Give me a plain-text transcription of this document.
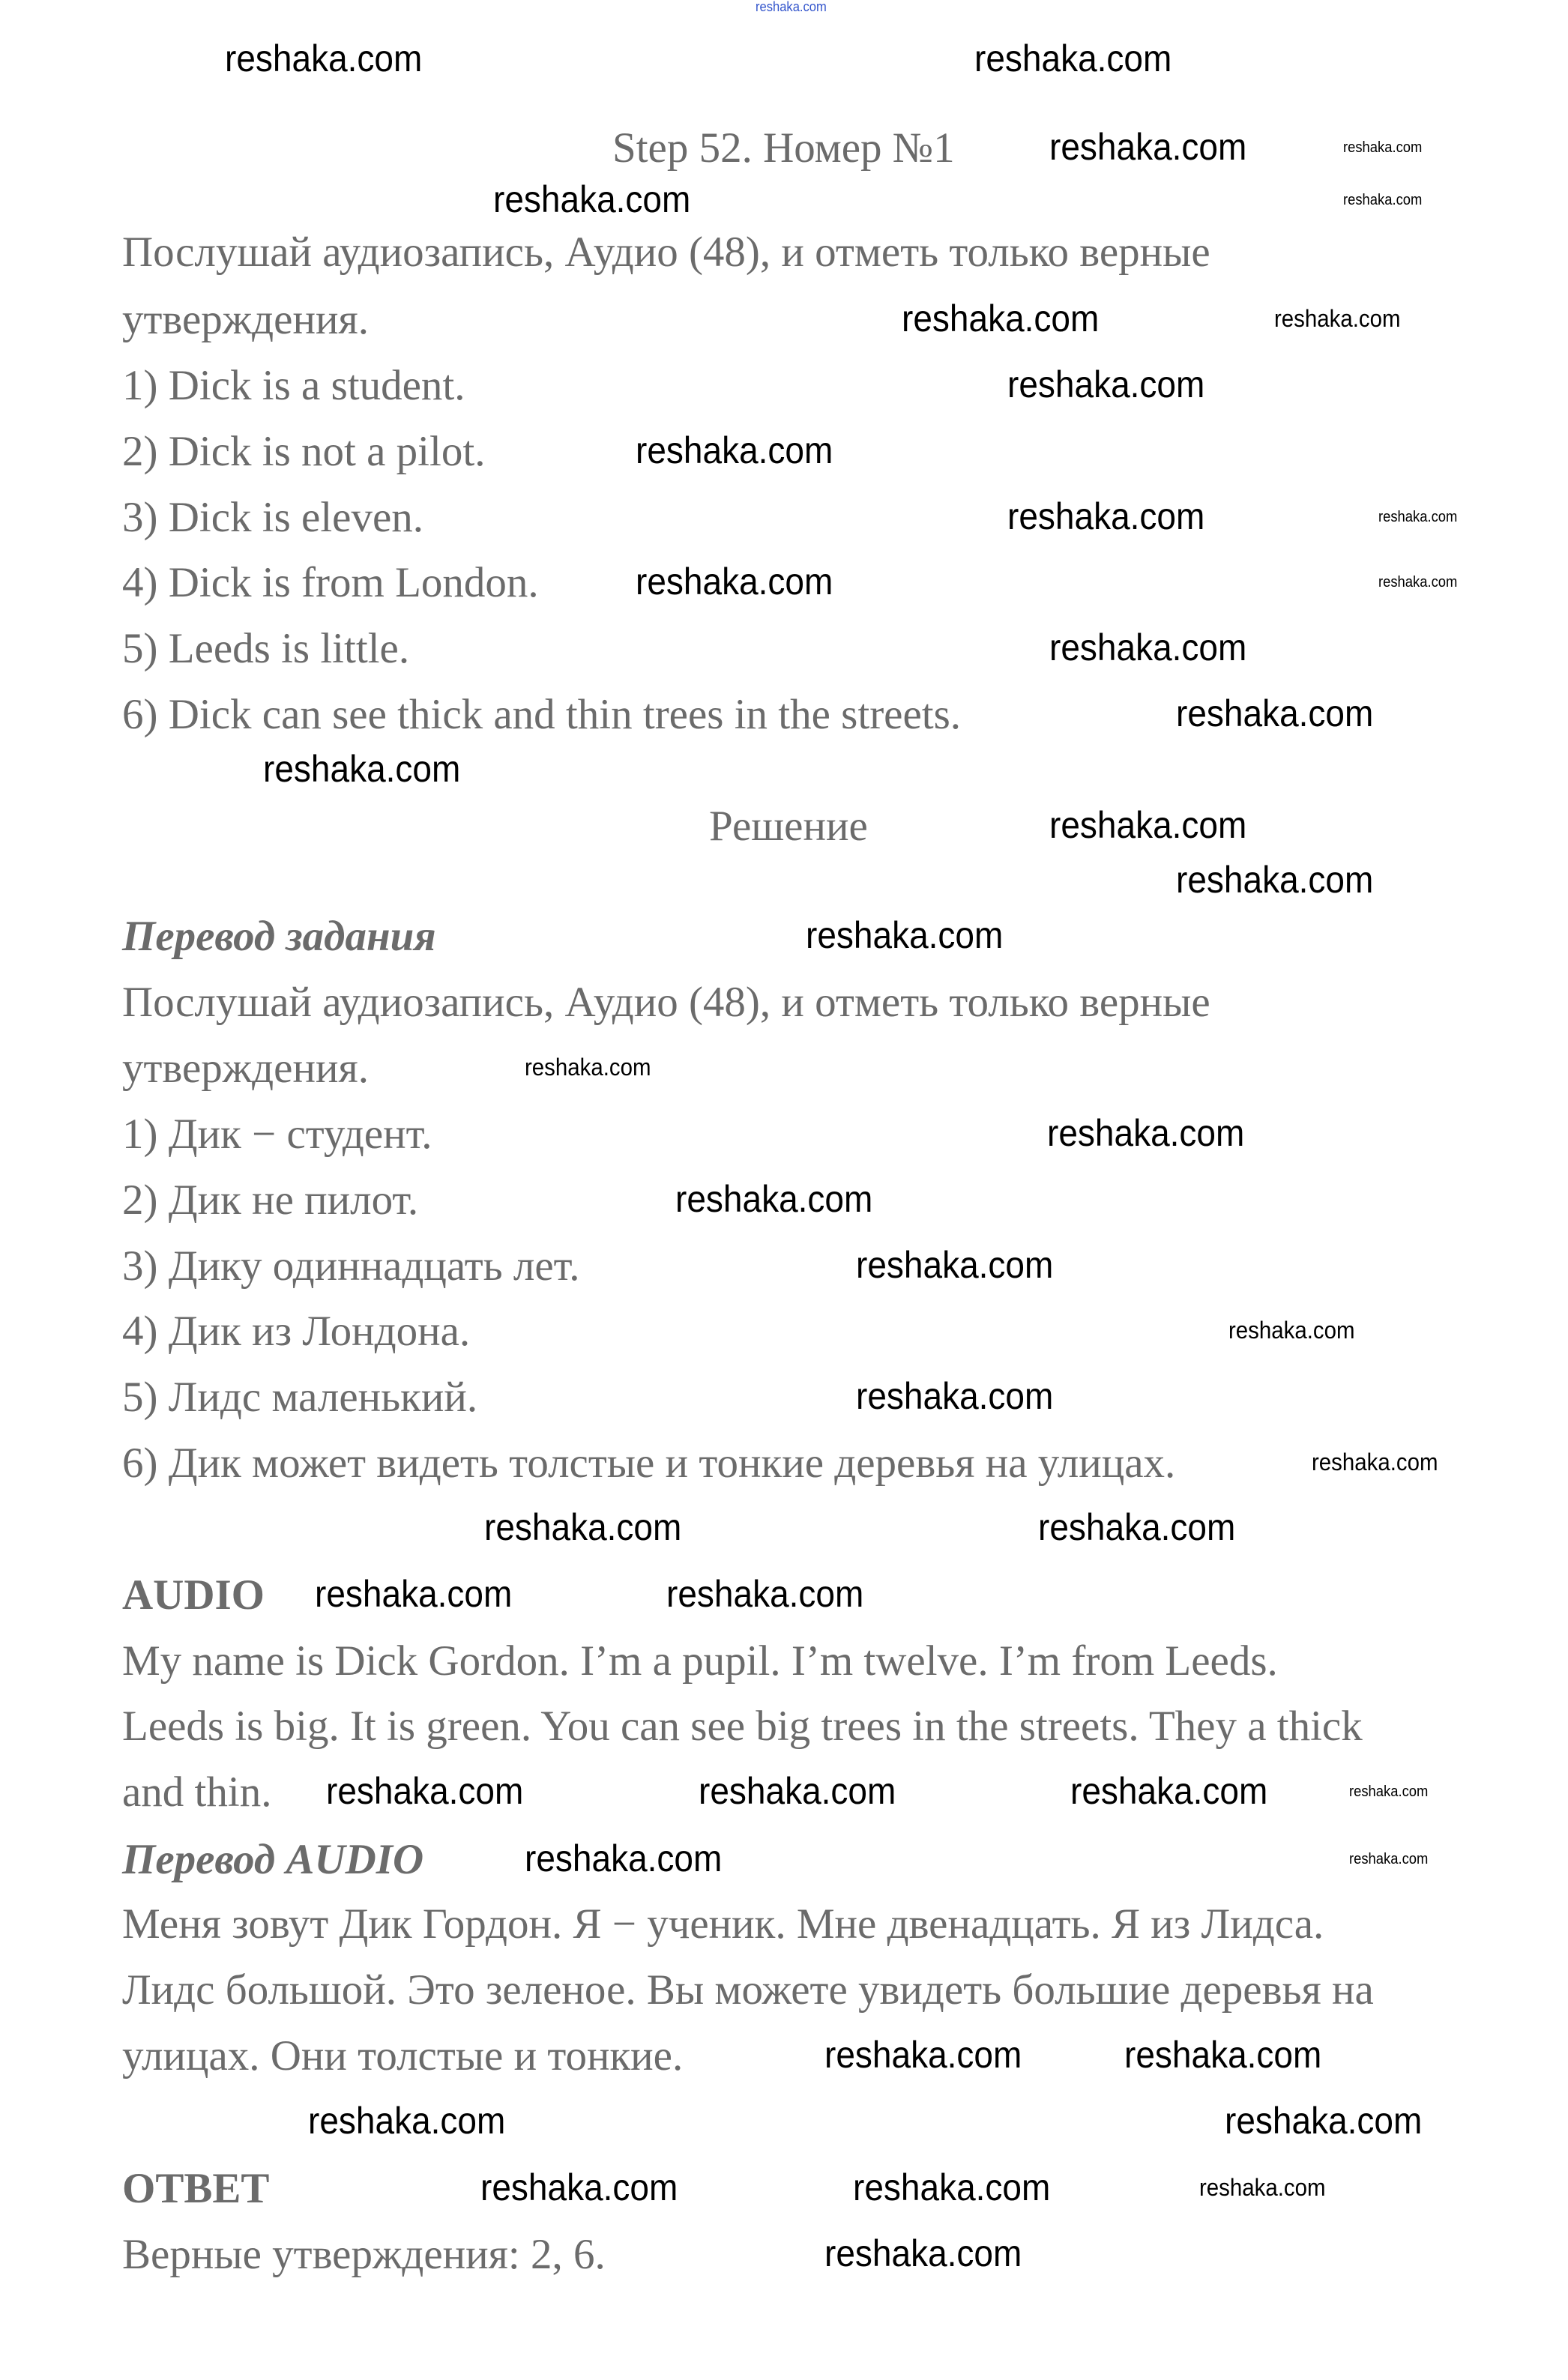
Step 52. Номер №1
Послушай аудиозапись, Аудио (48), и отметь только верные
утверждения.
1) Dick is a student.
2) Dick is not a pilot.
3) Dick is eleven.
4) Dick is from London.
5) Leeds is little.
6) Dick can see thick and thin trees in the streets.
Решение
Перевод задания
Послушай аудиозапись, Аудио (48), и отметь только верные
утверждения.
1) Дик − студент.
2) Дик не пилот.
3) Дику одиннадцать лет.
4) Дик из Лондона.
5) Лидс маленький.
6) Дик может видеть толстые и тонкие деревья на улицах.
AUDIO
My name is Dick Gordon. I’m a pupil. I’m twelve. I’m from Leeds.
Leeds is big. It is green. You can see big trees in the streets. They a thick
and thin.
Перевод AUDIO
Меня зовут Дик Гордон. Я − ученик. Мне двенадцать. Я из Лидса.
Лидс большой. Это зеленое. Вы можете увидеть большие деревья на
улицах. Они толстые и тонкие.
ОТВЕТ
Верные утверждения: 2, 6.
reshaka.com
reshaka.com	reshaka.com
reshaka.com	reshaka.com
reshaka.com	reshaka.com
reshaka.com	reshaka.com
reshaka.com
reshaka.com
reshaka.com	reshaka.com
reshaka.com	reshaka.com
reshaka.com
reshaka.com
reshaka.com
reshaka.com
reshaka.com
reshaka.com
reshaka.com
reshaka.com
reshaka.com
reshaka.com
reshaka.com
reshaka.com
reshaka.com
reshaka.com	reshaka.com
reshaka.com	reshaka.com
reshaka.com	reshaka.com	reshaka.com	reshaka.com
reshaka.com	reshaka.com
reshaka.com	reshaka.com
reshaka.com	reshaka.com
reshaka.com	reshaka.com	reshaka.com
reshaka.com
